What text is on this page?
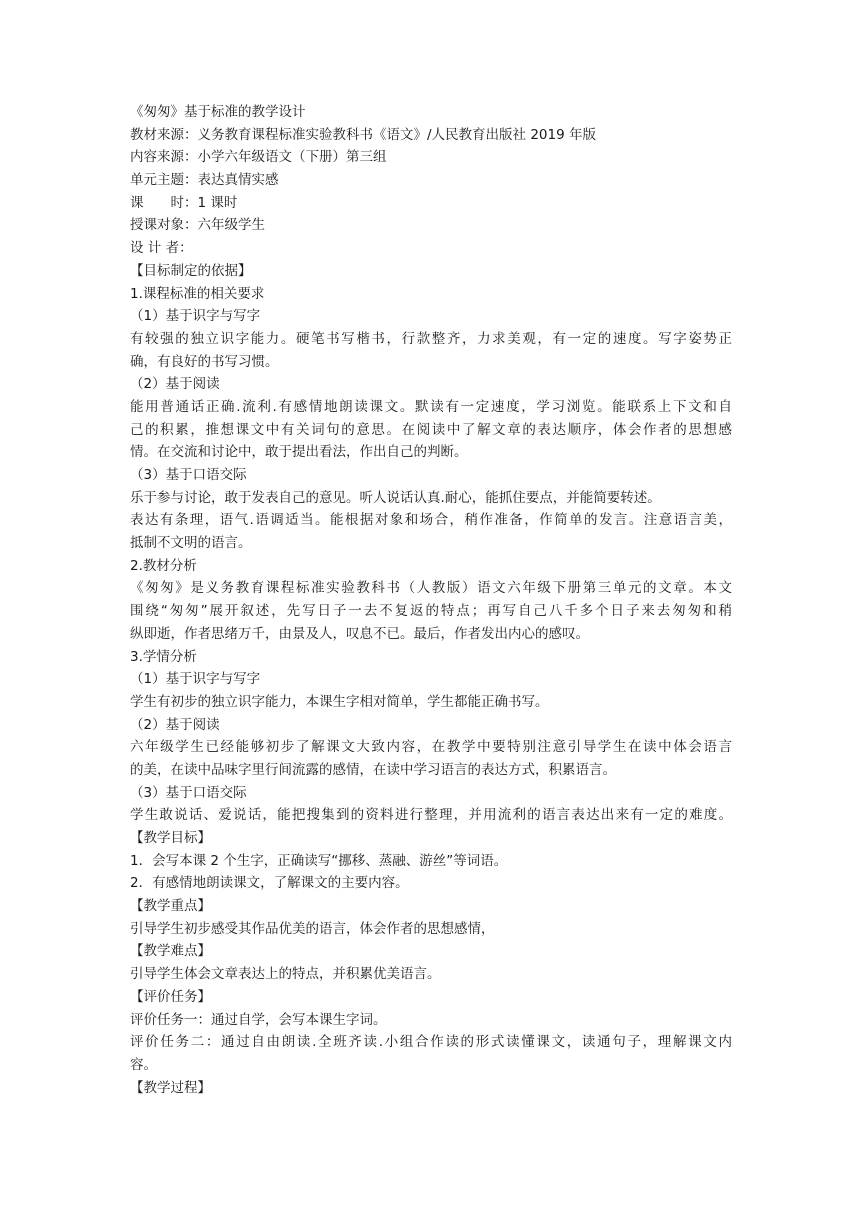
《匆匆》基于标准的教学设计
教材来源：义务教育课程标准实验教科书《语文》/人民教育出版社 2019 年版
内容来源：小学六年级语文（下册）第三组
单元主题：表达真情实感
课　　时：1 课时
授课对象：六年级学生
设 计 者：
【目标制定的依据】
1.课程标准的相关要求
（1）基于识字与写字
有较强的独立识字能力。硬笔书写楷书，行款整齐，力求美观，有一定的速度。写字姿势正
确，有良好的书写习惯。
（2）基于阅读
能用普通话正确.流利.有感情地朗读课文。默读有一定速度，学习浏览。能联系上下文和自
己的积累，推想课文中有关词句的意思。在阅读中了解文章的表达顺序，体会作者的思想感
情。在交流和讨论中，敢于提出看法，作出自己的判断。
（3）基于口语交际
乐于参与讨论，敢于发表自己的意见。听人说话认真.耐心，能抓住要点，并能简要转述。
表达有条理，语气.语调适当。能根据对象和场合，稍作准备，作简单的发言。注意语言美，
抵制不文明的语言。
2.教材分析
《匆匆》是义务教育课程标准实验教科书（人教版）语文六年级下册第三单元的文章。本文
围绕“匆匆”展开叙述，先写日子一去不复返的特点；再写自己八千多个日子来去匆匆和稍
纵即逝，作者思绪万千，由景及人，叹息不已。最后，作者发出内心的感叹。
3.学情分析
（1）基于识字与写字
学生有初步的独立识字能力，本课生字相对简单，学生都能正确书写。
（2）基于阅读
六年级学生已经能够初步了解课文大致内容，在教学中要特别注意引导学生在读中体会语言
的美，在读中品味字里行间流露的感情，在读中学习语言的表达方式，积累语言。
（3）基于口语交际
学生敢说话、爱说话，能把搜集到的资料进行整理，并用流利的语言表达出来有一定的难度。
【教学目标】
1．会写本课 2 个生字，正确读写“挪移、蒸融、游丝”等词语。
2．有感情地朗读课文，了解课文的主要内容。
【教学重点】
引导学生初步感受其作品优美的语言，体会作者的思想感情，
【教学难点】
引导学生体会文章表达上的特点，并积累优美语言。
【评价任务】
评价任务一：通过自学，会写本课生字词。
评价任务二：通过自由朗读.全班齐读.小组合作读的形式读懂课文，读通句子，理解课文内
容。
【教学过程】
